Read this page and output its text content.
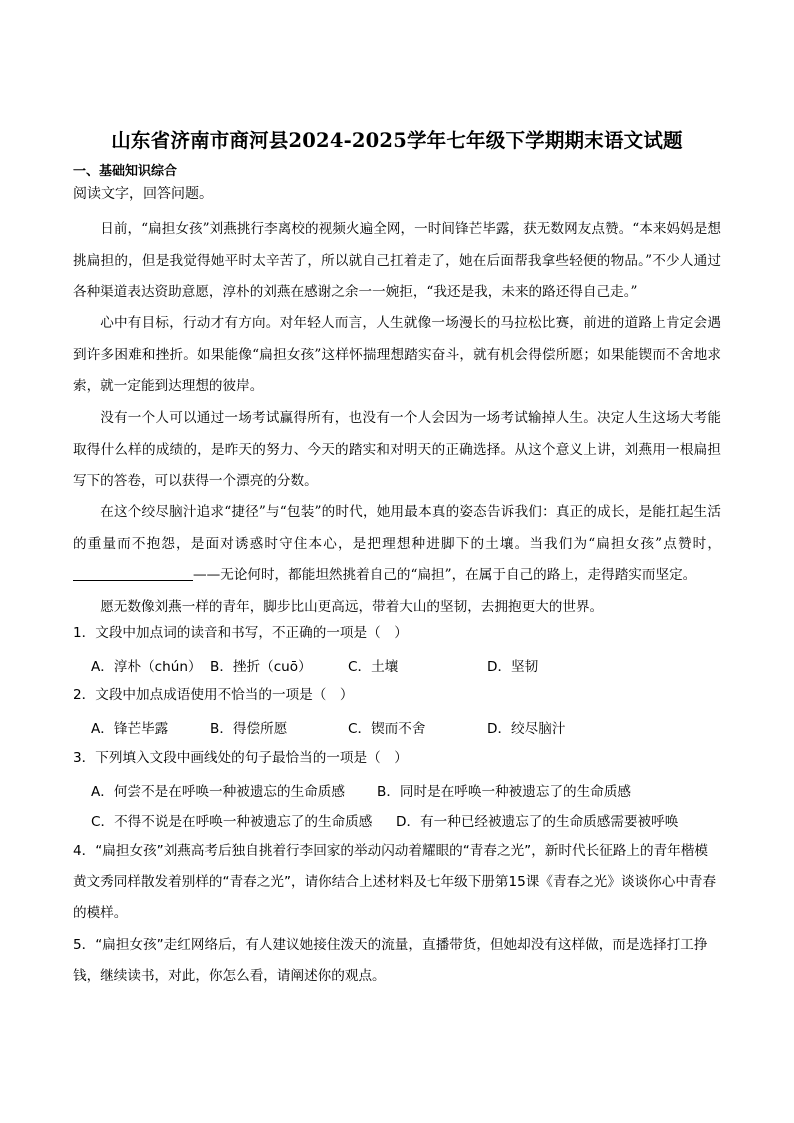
山东省济南市商河县2024-2025学年七年级下学期期末语文试题
一、基础知识综合
阅读文字，回答问题。

日前，“扁担女孩”刘燕挑行李离校的视频火遍全网，一时间锋芒毕露，获无数网友点赞。“本来妈妈是想挑扁担的，但是我觉得她平时太辛苦了，所以就自己扛着走了，她在后面帮我拿些轻便的物品。”不少人通过各种渠道表达资助意愿，淳朴的刘燕在感谢之余一一婉拒，“我还是我，未来的路还得自己走。”

心中有目标，行动才有方向。对年轻人而言，人生就像一场漫长的马拉松比赛，前进的道路上肯定会遇到许多困难和挫折。如果能像“扁担女孩”这样怀揣理想踏实奋斗，就有机会得偿所愿；如果能锲而不舍地求索，就一定能到达理想的彼岸。

没有一个人可以通过一场考试赢得所有，也没有一个人会因为一场考试输掉人生。决定人生这场大考能取得什么样的成绩的，是昨天的努力、今天的踏实和对明天的正确选择。从这个意义上讲，刘燕用一根扁担写下的答卷，可以获得一个漂亮的分数。

在这个绞尽脑汁追求“捷径”与“包装”的时代，她用最本真的姿态告诉我们：真正的成长，是能扛起生活的重量而不抱怨，是面对诱惑时守住本心，是把理想种进脚下的土壤。当我们为“扁担女孩”点赞时，——无论何时，都能坦然挑着自己的“扁担”，在属于自己的路上，走得踏实而坚定。

愿无数像刘燕一样的青年，脚步比山更高远，带着大山的坚韧，去拥抱更大的世界。

1．文段中加点词的读音和书写，不正确的一项是（　）

A．淳朴（chún） B．挫折（cuō）	C．土壤	D．坚韧

2．文段中加点成语使用不恰当的一项是（　）

A．锋芒毕露	B．得偿所愿	C．锲而不舍	D．绞尽脑汁

3．下列填入文段中画线处的句子最恰当的一项是（　）

A．何尝不是在呼唤一种被遗忘的生命质感 B．同时是在呼唤一种被遗忘了的生命质感
C．不得不说是在呼唤一种被遗忘了的生命质感 D．有一种已经被遗忘了的生命质感需要被呼唤

4．“扁担女孩”刘燕高考后独自挑着行李回家的举动闪动着耀眼的“青春之光”，新时代长征路上的青年楷模黄文秀同样散发着别样的“青春之光”，请你结合上述材料及七年级下册第15课《青春之光》谈谈你心中青春的模样。

5．“扁担女孩”走红网络后，有人建议她接住泼天的流量，直播带货，但她却没有这样做，而是选择打工挣钱，继续读书，对此，你怎么看，请阐述你的观点。
